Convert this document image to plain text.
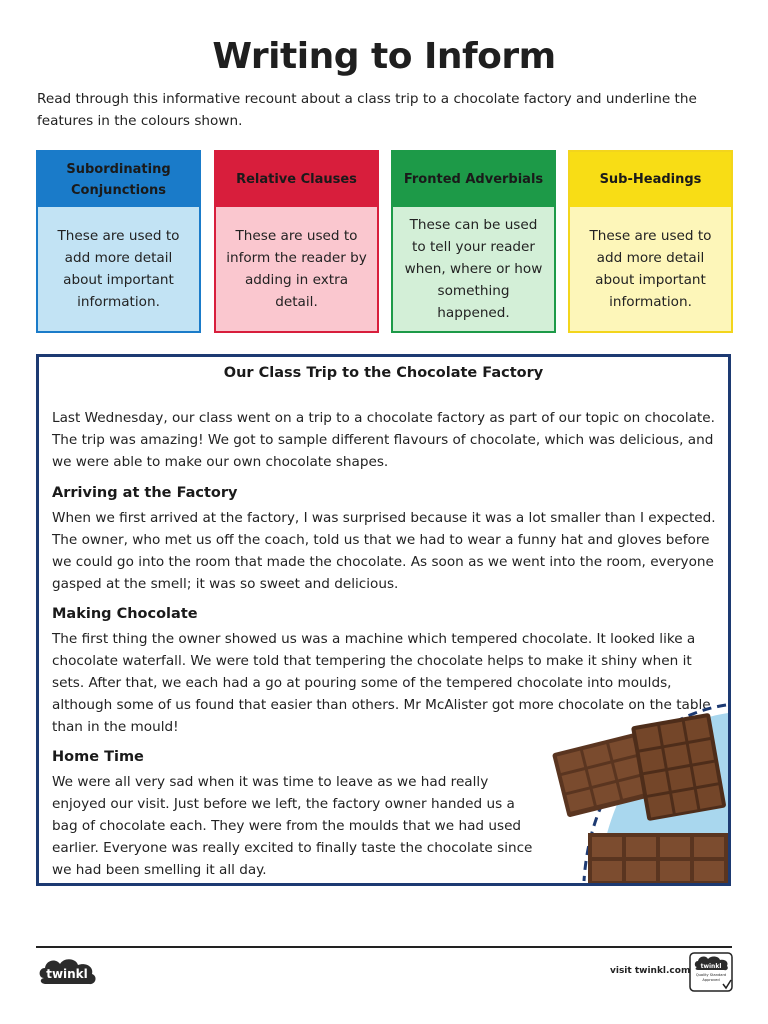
Writing to Inform
Read through this informative recount about a class trip to a chocolate factory and underline the features in the colours shown.
Subordinating Conjunctions
These are used to add more detail about important information.
Relative Clauses
These are used to inform the reader by adding in extra detail.
Fronted Adverbials
These can be used to tell your reader when, where or how something happened.
Sub-Headings
These are used to add more detail about important information.
Our Class Trip to the Chocolate Factory
Last Wednesday, our class went on a trip to a chocolate factory as part of our topic on chocolate. The trip was amazing! We got to sample different flavours of chocolate, which was delicious, and we were able to make our own chocolate shapes.
Arriving at the Factory
When we first arrived at the factory, I was surprised because it was a lot smaller than I expected. The owner, who met us off the coach, told us that we had to wear a funny hat and gloves before we could go into the room that made the chocolate. As soon as we went into the room, everyone gasped at the smell; it was so sweet and delicious.
Making Chocolate
The first thing the owner showed us was a machine which tempered chocolate. It looked like a chocolate waterfall. We were told that tempering the chocolate helps to make it shiny when it sets. After that, we each had a go at pouring some of the tempered chocolate into moulds, although some of us found that easier than others. Mr McAlister got more chocolate on the table than in the mould!
Home Time
We were all very sad when it was time to leave as we had really enjoyed our visit. Just before we left, the factory owner handed us a bag of chocolate each. They were from the moulds that we had used earlier. Everyone was really excited to finally taste the chocolate since we had been smelling it all day.
twinkl	visit twinkl.com twinkl
Quality Standard Approved
